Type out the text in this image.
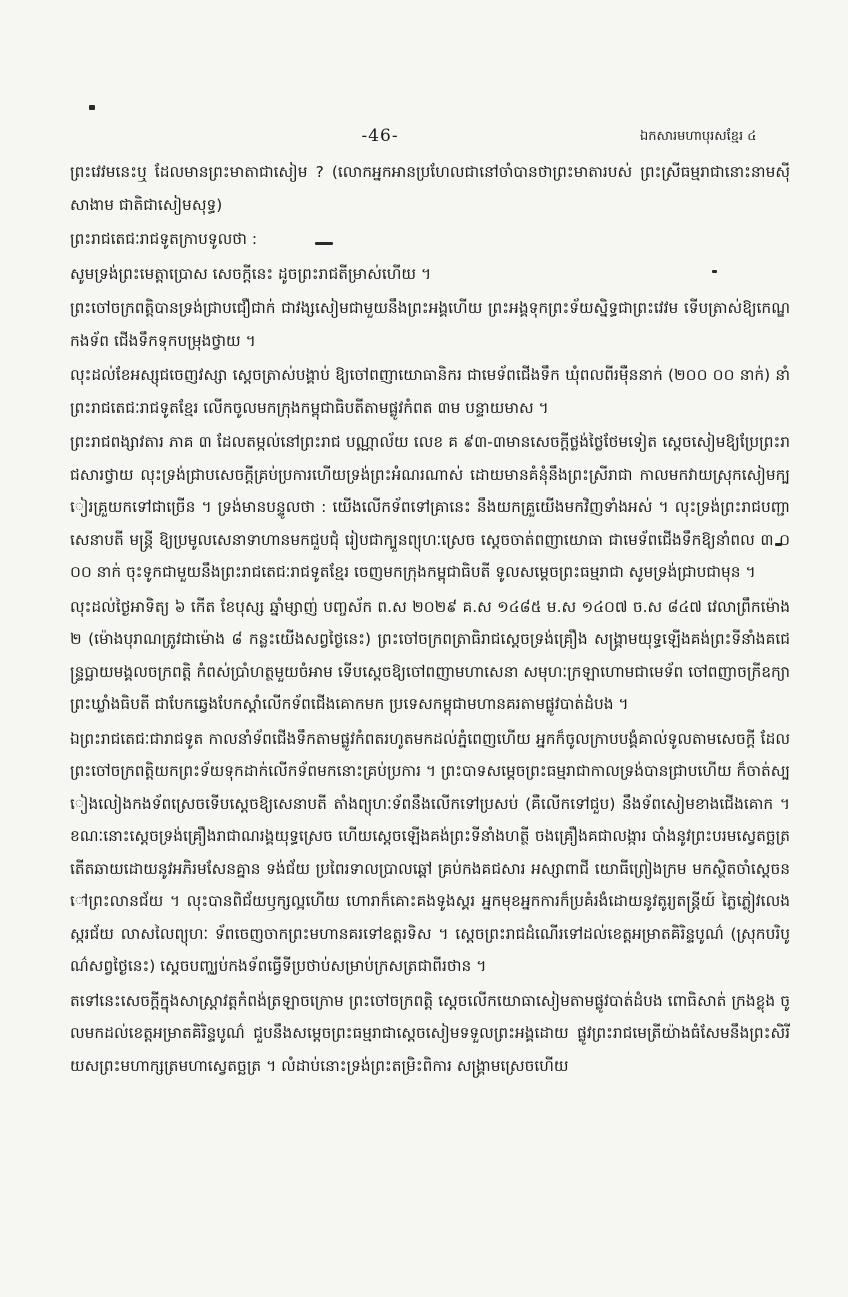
-46-	ឯកសារមហាបុរសខ្មែរ ៤

ព្រះវេវមនេះឬ ដែលមានព្រះមាតាជាសៀម ? (លោកអ្នកអានប្រហែលជានៅចាំបានថាព្រះមាតារបស់ ព្រះស្រីធម្មរាជានោះនាមស៊ីសាងាម ជាតិជាសៀមសុទ្ធ)

ព្រះរាជតេជៈរាជទូតក្រាបទូលថា :

សូមទ្រង់ព្រះមេត្តាប្រោស សេចក្ដីនេះ ដូចព្រះរាជតីម្រាស់ហើយ ។

ព្រះចៅចក្រពត្តិបានទ្រង់ជ្រាបជឿជាក់ ជាវង្សសៀមជាមួយនឹងព្រះអង្គហើយ ព្រះអង្គទុកព្រះទ័យស្និទ្ធជាព្រះវេវម ទើបត្រាស់ឱ្យកេណ្ឌកងទ័ព ជើងទឹកទុកបម្រុងថ្វាយ ។

លុះដល់ខែអស្សុជចេញវស្សា ស្ដេចត្រាស់បង្គាប់ ឱ្យចៅពញាយោធានិករ ជាមេទ័ពជើងទឹក ឃុំពលពីរម៉ឺននាក់ (២០០ ០០ នាក់) នាំព្រះរាជតេជៈរាជទូតខ្មែរ លើកចូលមកក្រុងកម្ពុជាធិបតីតាមផ្លូវកំពត ៣ម បន្ទាយមាស ។

ព្រះរាជពង្សាវតារ ភាគ ៣ ដែលតម្កល់នៅព្រះរាជ បណ្ណាល័យ លេខ គ ៩៣-៣មានសេចក្ដីថ្លង់ថ្លៃថែមទៀត ស្ដេចសៀមឱ្យប្រែព្រះរាជសារថ្វាយ លុះទ្រង់ជ្រាបសេចក្ដីគ្រប់ប្រការហើយទ្រង់ព្រះអំណរណាស់ ដោយមានគំនុំនឹងព្រះស្រីរាជា កាលមកវាយស្រុកសៀមក្បៀរគ្រួយកទៅជាច្រើន ។ ទ្រង់មានបន្ទូលថា : យើងលើកទ័ពទៅគ្រានេះ នឹងយកគ្រួយើងមកវិញទាំងអស់ ។ លុះទ្រង់ព្រះរាជបញ្ជា សេនាបតី មន្ត្រី ឱ្យប្រមូលសេនាទាហានមកជួបជុំ រៀបជាក្បួនព្យុហៈស្រេច ស្ដេចចាត់ពញាយោធា ជាមេទ័ពជើងទឹកឱ្យនាំពល ៣ ០០០ នាក់ ចុះទូកជាមួយនឹងព្រះរាជតេជៈរាជទូតខ្មែរ ចេញមកក្រុងកម្ពុជាធិបតី ទូលសម្ដេចព្រះធម្មរាជា សូមទ្រង់ជ្រាបជាមុន ។

លុះដល់ថ្ងៃអាទិត្យ ៦ កើត ខែបុស្ស ឆ្នាំម្សាញ់ បញ្ចស័ក ព.ស ២០២៩ គ.ស ១៤៨៥ ម.ស ១៤០៧ ច.ស ៨៤៧ វេលាព្រឹកម៉ោង ២ (ម៉ោងបុរាណត្រូវជាម៉ោង ៨ កន្លះយើងសព្វថ្ងៃនេះ) ព្រះចៅចក្រពត្រាធិរាជស្ដេចទ្រង់គ្រឿង សង្គ្រាមយុទ្ធឡើងគង់ព្រះទីនាំងគជេន្ទ្រប្ឆាយមង្គលចក្រពត្តិ កំពស់ប្រាំហត្ថមួយចំអាម ទើបស្ដេចឱ្យចៅពញាមហាសេនា សមុហៈក្រឡាហោមជាមេទ័ព ចៅពញាចក្រីឧក្យាព្រះឃ្លាំងធិបតី ជាបែកឆ្វេងបែកស្ដាំលើកទ័ពជើងគោកមក ប្រទេសកម្ពុជាមហានគរតាមផ្លូវបាត់ដំបង ។

ឯព្រះរាជតេជៈជារាជទូត កាលនាំទ័ពជើងទឹកតាមផ្លូវកំពតរហូតមកដល់ភ្នំពេញហើយ អ្នកក៏ចូលក្រាបបង្គំគាល់ទូលតាមសេចក្ដី ដែលព្រះចៅចក្រពត្តិយកព្រះទ័យទុកដាក់លើកទ័ពមកនោះគ្រប់ប្រការ ។ ព្រះបាទសម្ដេចព្រះធម្មរាជាកាលទ្រង់បានជ្រាបហើយ ក៏ចាត់ស្បៀងលៀងកងទ័ពស្រេចទើបស្ដេចឱ្យសេនាបតី តាំងព្យុហៈទ័ពនឹងលើកទៅប្រសប់ (គឺលើកទៅជួប) នឹងទ័ពសៀមខាងជើងគោក ។ ខណៈនោះស្ដេចទ្រង់គ្រឿងរាជាណរង្គយុទ្ធស្រេច ហើយស្ដេចឡើងគង់ព្រះទីនាំងហត្ថី ចងគ្រឿងគជាលង្ការ បាំងនូវព្រះបរមស្វេតច្ឆត្រតើតឆាយដោយនូវអភិរមសែនគ្នាន ទង់ជ័យ ប្រពៃរទាលប្រាលឆ្ពៅ គ្រប់កងគជសារ អស្សាពាជី យោធីព្រៀងក្រម មកស្ថិតចាំស្ដេចនៅព្រះលានជ័យ ។ លុះបានពិជ័យឫក្សល្អហើយ ហោរាក៏គោះគងទូងស្គរ អ្នកមុខអ្នកការក៏ប្រគំរងំដោយនូវតូរ្យតន្ត្រីយ៍ ភ្លៃភ្លៀវលេងស្ករជ័យ លាសលៃព្យុហៈ ទ័ពចេញចាកព្រះមហានគរទៅឧត្តរទិស ។ ស្ដេចព្រះរាជដំណើរទៅដល់ខេត្តអម្រាតគិរិន្ទបូណ៌ (ស្រុកបរិបូណ៌សព្វថ្ងៃនេះ) ស្ដេចបញ្ឈប់កងទ័ពធ្វើទីប្រថាប់សម្រាប់ក្រសត្រជាពីរថាន ។

តទៅនេះសេចក្ដីក្នុងសាស្ត្រាវត្តកំពង់ត្រឡាចក្រោម ព្រះចៅចក្រពត្តិ ស្ដេចលើកយោធាសៀមតាមផ្លូវបាត់ដំបង ពោធិសាត់ ក្រងខ្លុង ចូលមកដល់ខេត្តអម្រាតគិរិន្ទបូណ៌ ជួបនឹងសម្ដេចព្រះធម្មរាជាស្ដេចសៀមទទួលព្រះអង្គដោយ ផ្លូវព្រះរាជមេត្រីយ៉ាងធំសែមនឹងព្រះសិរីយសព្រះមហាក្សត្រមហាស្វេតច្ឆត្រ ។ លំដាប់នោះទ្រង់ព្រះតម្រិះពិការ សង្គ្រាមស្រេចហើយ
